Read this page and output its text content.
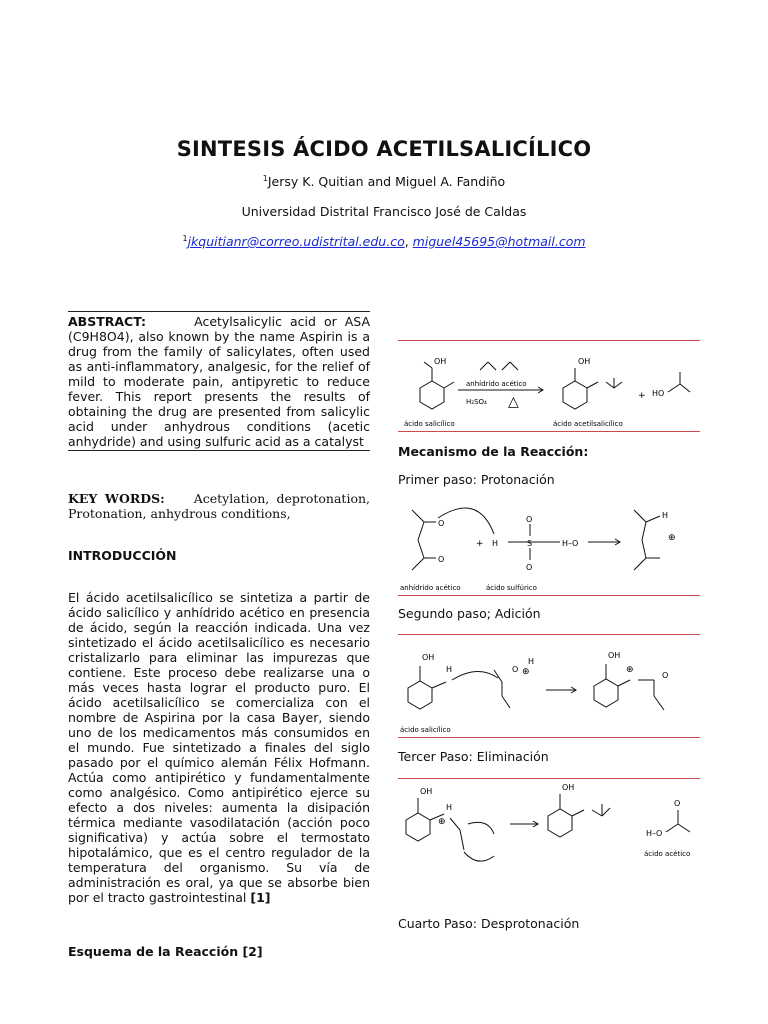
SINTESIS ÁCIDO ACETILSALICÍLICO
$^1$Jersy K. Quitian and Miguel A. Fandiño
Universidad Distrital Francisco José de Caldas
$^1$jkquitianr@correo.udistrital.edu.co, miguel45695@hotmail.com
ABSTRACT:	Acetylsalicylic acid or ASA (C9H8O4), also known by the name Aspirin is a drug from the family of salicylates, often used as anti-inflammatory, analgesic, for the relief of mild to moderate pain, antipyretic to reduce fever. This report presents the results of obtaining the drug are presented from salicylic acid under anhydrous conditions (acetic anhydride) and using sulfuric acid as a catalyst
KEY WORDS: Acetylation, deprotonation, Protonation, anhydrous conditions,
INTRODUCCIÓN
El ácido acetilsalicílico se sintetiza a partir de ácido salicílico y anhídrido acético en presencia de ácido, según la reacción indicada. Una vez sintetizado el ácido acetilsalicílico es necesario cristalizarlo para eliminar las impurezas que contiene. Este proceso debe realizarse una o más veces hasta lograr el producto puro. El ácido acetilsalicílico se comercializa con el nombre de Aspirina por la casa Bayer, siendo uno de los medicamentos más consumidos en el mundo. Fue sintetizado a finales del siglo pasado por el químico alemán Félix Hofmann. Actúa como antipirético y fundamentalmente como analgésico. Como antipirético ejerce su efecto a dos niveles: aumenta la disipación térmica mediante vasodilatación (acción poco significativa) y actúa sobre el termostato hipotalámico, que es el centro regulador de la temperatura del organismo. Su vía de administración es oral, ya que se absorbe bien por el tracto gastrointestinal [1]
Esquema de la Reacción [2]
OH	OH
ácido salicílico
anhídrido acético
H₂SO₄ △
ácido acetilsalicílico
+ HO
Mecanismo de la Reacción:
Primer paso: Protonación
O
O
+ H
O
S
O
H–O
H
⊕
anhídrido acético	ácido sulfúrico
Segundo paso; Adición
OH
H	O ⊕
H
OH
⊕
O
ácido salicílico
Tercer Paso: Eliminación
OH
⊕
H
OH
H–O
O
ácido acético
Cuarto Paso: Desprotonación
